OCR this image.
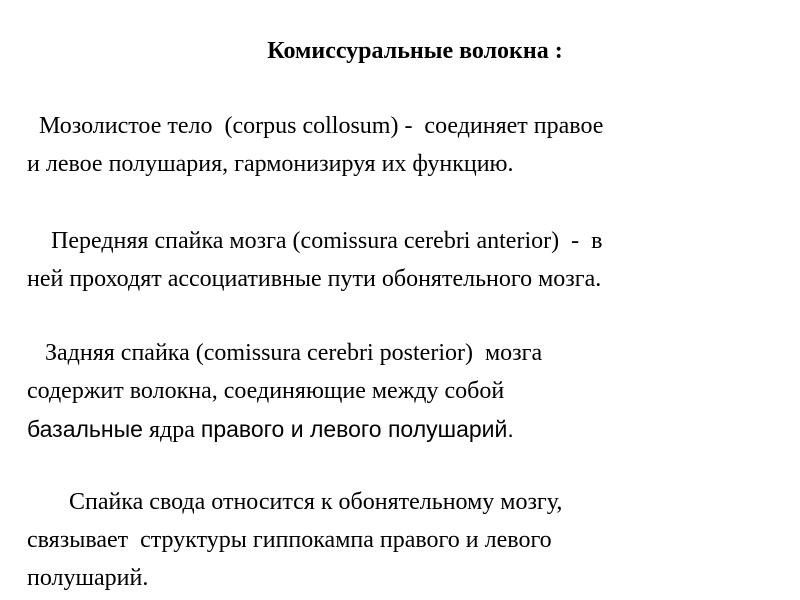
Комиссуральные волокна :
Мозолистое тело  (corpus collosum) -  соединяет правое
и левое полушария, гармонизируя их функцию.
Передняя спайка мозга (comissura cerebri anterior)  -  в
ней проходят ассоциативные пути обонятельного мозга.
Задняя спайка (comissura cerebri posterior)  мозга
содержит волокна, соединяющие между собой
базальные ядра правого и левого полушарий.
Спайка свода относится к обонятельному мозгу,
связывает  структуры гиппокампа правого и левого
полушарий.
